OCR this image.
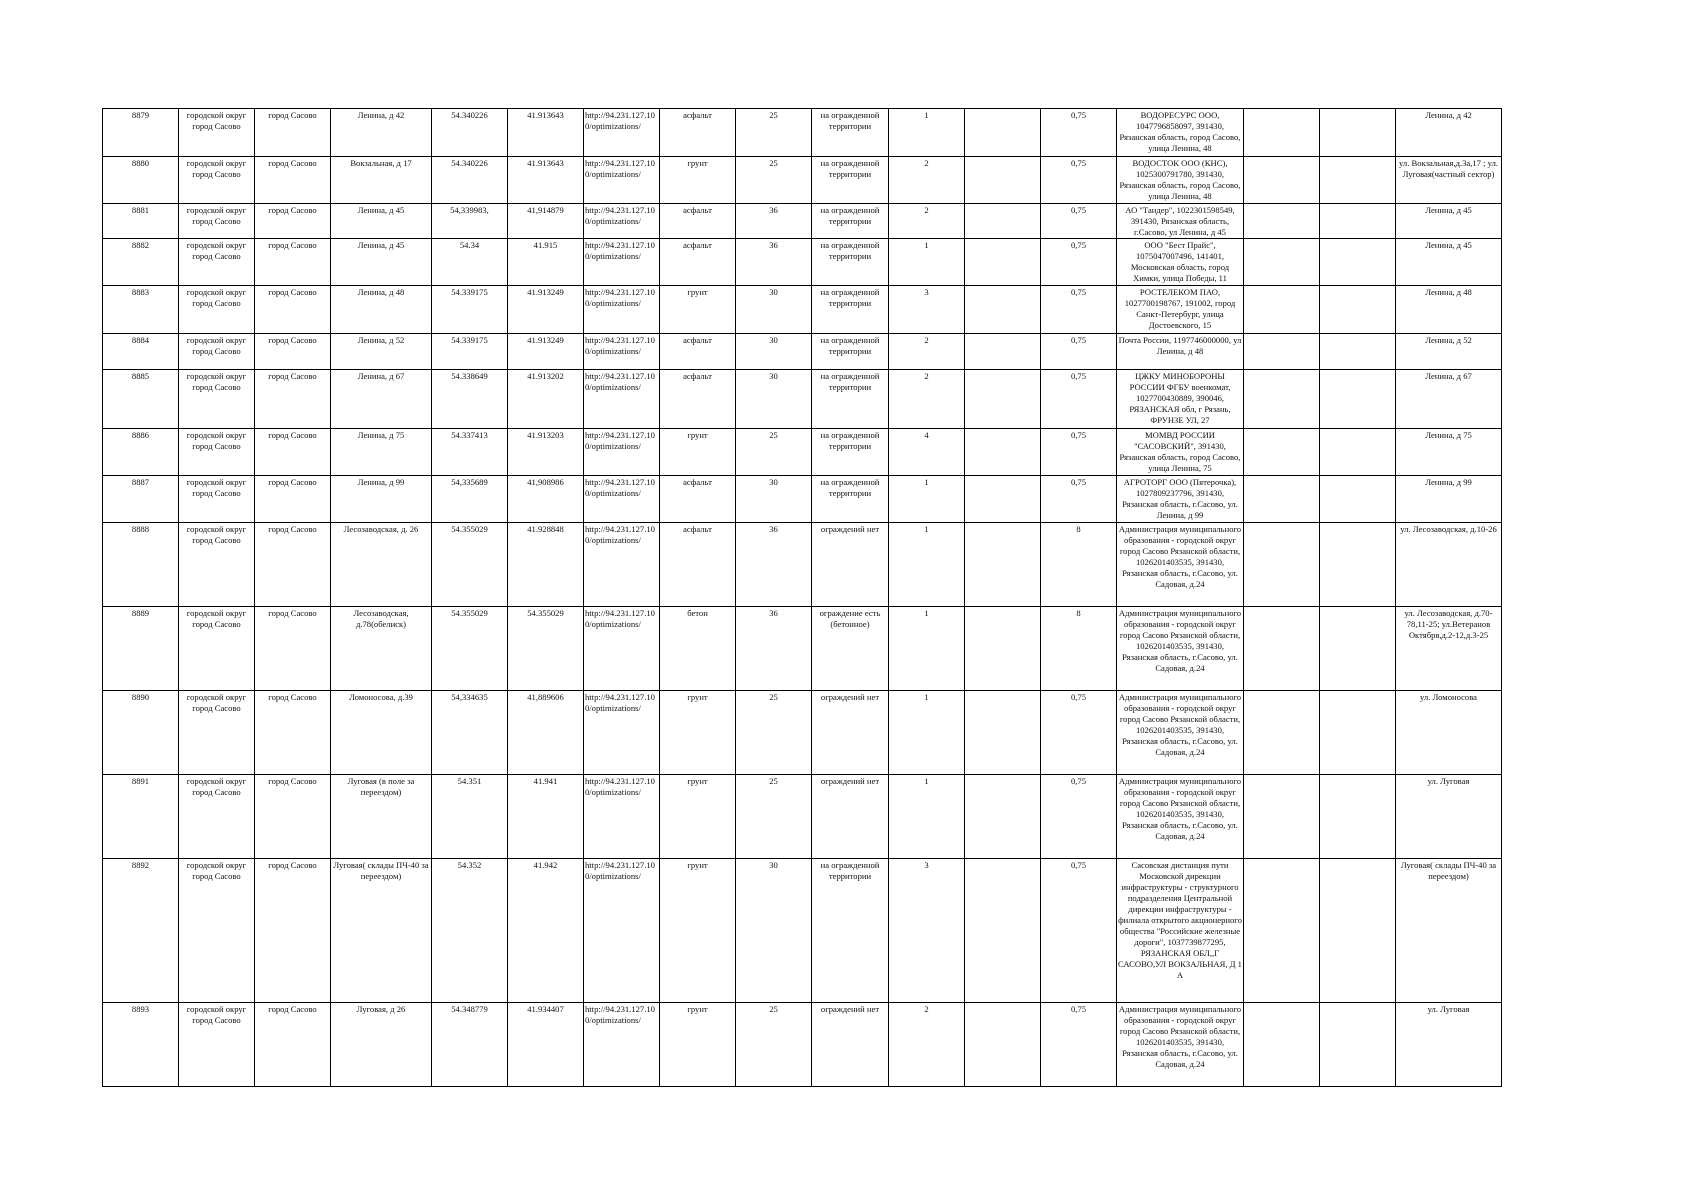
8879	городской округ город Сасово	город Сасово	Ленина, д 42	54.340226	41.913643	http://94.231.127.100/optimizations/	асфальт	25	на огражденной территории	1		0,75	ВОДОРЕСУРС ООО, 1047796858097, 391430, Рязанская область, город Сасово, улица Ленина, 48			Ленина, д 42
8880	городской округ город Сасово	город Сасово	Вокзальная, д 17	54.340226	41.913643	http://94.231.127.100/optimizations/	грунт	25	на огражденной территории	2		0,75	ВОДОСТОК ООО (КНС), 1025300791780, 391430, Рязанская область, город Сасово, улица Ленина, 48			ул. Вокзальная,д.3а,17 ; ул. Луговая(частный сектор)
8881	городской округ город Сасово	город Сасово	Ленина, д 45	54,339983,	41,914879	http://94.231.127.100/optimizations/	асфальт	36	на огражденной территории	2		0,75	АО "Тандер", 1022301598549, 391430, Рязанская область, г.Сасово, ул Ленина, д 45			Ленина, д 45
8882	городской округ город Сасово	город Сасово	Ленина, д 45	54.34	41.915	http://94.231.127.100/optimizations/	асфальт	36	на огражденной территории	1		0,75	ООО "Бест Прайс", 1075047007496, 141401, Московская область, город Химки, улица Победы, 11			Ленина, д 45
8883	городской округ город Сасово	город Сасово	Ленина, д 48	54.339175	41.913249	http://94.231.127.100/optimizations/	грунт	30	на огражденной территории	3		0,75	РОСТЕЛЕКОМ ПАО, 1027700198767, 191002, город Санкт-Петербург, улица Достоевского, 15			Ленина, д 48
8884	городской округ город Сасово	город Сасово	Ленина, д 52	54.339175	41.913249	http://94.231.127.100/optimizations/	асфальт	30	на огражденной территории	2		0,75	Почта России, 1197746000000, ул Ленина, д 48			Ленина, д 52
8885	городской округ город Сасово	город Сасово	Ленина, д 67	54.338649	41.913202	http://94.231.127.100/optimizations/	асфальт	30	на огражденной территории	2		0,75	ЦЖКУ МИНОБОРОНЫ РОССИИ ФГБУ военкомат, 1027700430889, 390046, РЯЗАНСКАЯ обл, г Рязань, ФРУНЗЕ УЛ, 27			Ленина, д 67
8886	городской округ город Сасово	город Сасово	Ленина, д 75	54.337413	41.913203	http://94.231.127.100/optimizations/	грунт	25	на огражденной территории	4		0,75	МОМВД РОССИИ "САСОВСКИЙ", 391430, Рязанская область, город Сасово, улица Ленина, 75			Ленина, д 75
8887	городской округ город Сасово	город Сасово	Ленина, д 99	54,335689	41,908986	http://94.231.127.100/optimizations/	асфальт	30	на огражденной территории	1		0,75	АГРОТОРГ ООО (Пятерочка), 1027809237796, 391430, Рязанская область, г.Сасово, ул. Ленина, д 99			Ленина, д 99
8888	городской округ город Сасово	город Сасово	Лесозаводская, д. 26	54.355029	41.928848	http://94.231.127.100/optimizations/	асфальт	36	ограждений нет	1		8	Администрация муниципального образования - городской округ город Сасово Рязанской области, 1026201403535, 391430, Рязанская область, г.Сасово, ул. Садовая, д.24			ул. Лесозаводская, д.10-26
8889	городской округ город Сасово	город Сасово	Лесозаводская, д.78(обелиск)	54.355029	54.355029	http://94.231.127.100/optimizations/	бетон	36	ограждение есть (бетонное)	1		8	Администрация муниципального образования - городской округ город Сасово Рязанской области, 1026201403535, 391430, Рязанская область, г.Сасово, ул. Садовая, д.24			ул. Лесозаводская, д.70-78,11-25; ул.Ветеранов Октября,д.2-12,д.3-25
8890	городской округ город Сасово	город Сасово	Ломоносова, д.39	54,334635	41,889606	http://94.231.127.100/optimizations/	грунт	25	ограждений нет	1		0,75	Администрация муниципального образования - городской округ город Сасово Рязанской области, 1026201403535, 391430, Рязанская область, г.Сасово, ул. Садовая, д.24			ул. Ломоносова
8891	городской округ город Сасово	город Сасово	Луговая (в поле за переездом)	54.351	41.941	http://94.231.127.100/optimizations/	грунт	25	ограждений нет	1		0,75	Администрация муниципального образования - городской округ город Сасово Рязанской области, 1026201403535, 391430, Рязанская область, г.Сасово, ул. Садовая, д.24			ул. Луговая
8892	городской округ город Сасово	город Сасово	Луговая( склады ПЧ-40 за переездом)	54.352	41.942	http://94.231.127.100/optimizations/	грунт	30	на огражденной территории	3		0,75	Сасовская дистанция пути Московской дирекции инфраструктуры - структурного подразделения Центральной дирекции инфраструктуры - филиала открытого акционерного общества "Российские железные дороги", 1037739877295, РЯЗАНСКАЯ ОБЛ,,Г САСОВО,УЛ ВОКЗАЛЬНАЯ, Д 1 А			Луговая( склады ПЧ-40 за переездом)
8893	городской округ город Сасово	город Сасово	Луговая, д 26	54.348779	41.934407	http://94.231.127.100/optimizations/	грунт	25	ограждений нет	2		0,75	Администрация муниципального образования - городской округ город Сасово Рязанской области, 1026201403535, 391430, Рязанская область, г.Сасово, ул. Садовая, д.24			ул. Луговая
